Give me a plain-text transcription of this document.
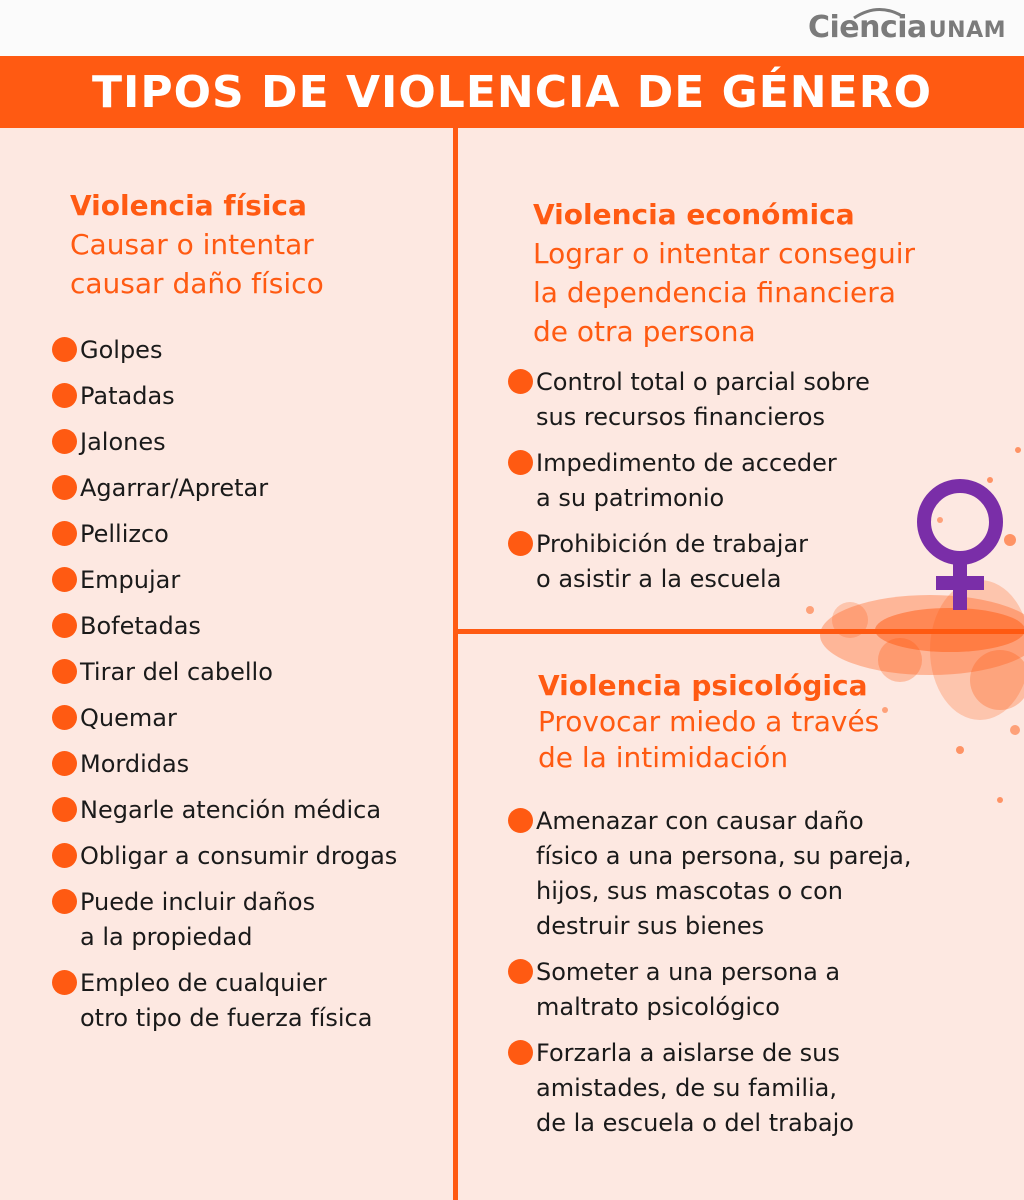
Ciencia UNAM
TIPOS DE VIOLENCIA DE GÉNERO
Violencia física
Causar o intentar
causar daño físico
Golpes
Patadas
Jalones
Agarrar/Apretar
Pellizco
Empujar
Bofetadas
Tirar del cabello
Quemar
Mordidas
Negarle atención médica
Obligar a consumir drogas
Puede incluir daños
a la propiedad
Empleo de cualquier
otro tipo de fuerza física
Violencia económica
Lograr o intentar conseguir
la dependencia financiera
de otra persona
Control total o parcial sobre
sus recursos financieros
Impedimento de acceder
a su patrimonio
Prohibición de trabajar
o asistir a la escuela
Violencia psicológica
Provocar miedo a través
de la intimidación
Amenazar con causar daño
físico a una persona, su pareja,
hijos, sus mascotas o con
destruir sus bienes
Someter a una persona a
maltrato psicológico
Forzarla a aislarse de sus
amistades, de su familia,
de la escuela o del trabajo
